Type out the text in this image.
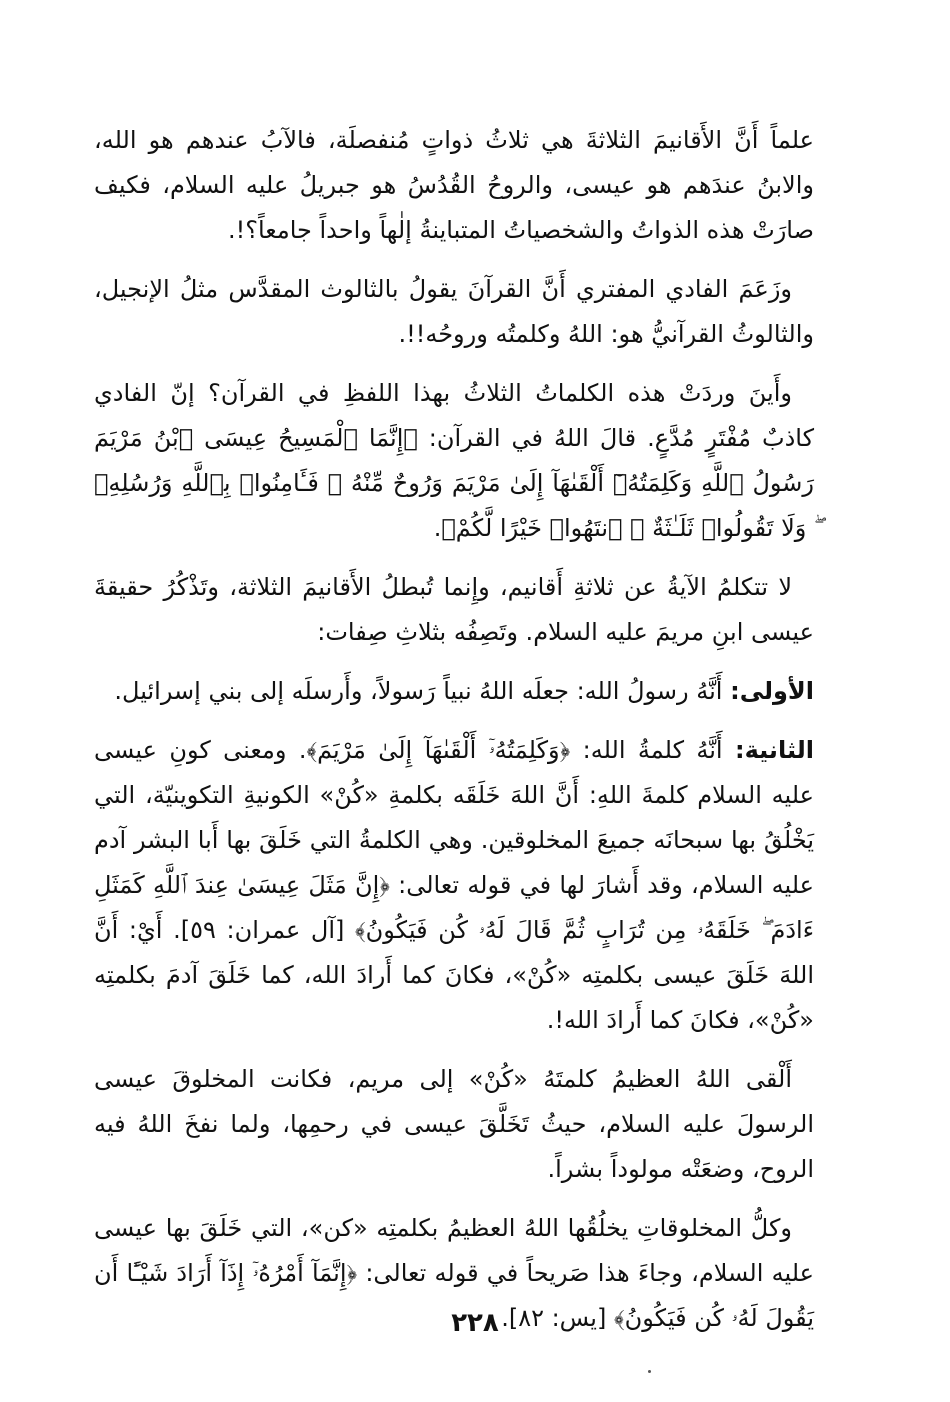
علماً أَنَّ الأَقانيمَ الثلاثةَ هي ثلاثُ ذواتٍ مُنفصلَة، فالآبُ عندهم هو الله، والابنُ عندَهم هو عيسى، والروحُ القُدُسُ هو جبريلُ عليه السلام، فكيف صارَتْ هذه الذواتُ والشخصياتُ المتباينةُ إلٰهاً واحداً جامعاً؟!.

وزَعَمَ الفادي المفتري أَنَّ القرآنَ يقولُ بالثالوث المقدَّس مثلُ الإنجيل، والثالوثُ القرآنيُّ هو: اللهُ وكلمتُه وروحُه!!.

وأَينَ وردَتْ هذه الكلماتُ الثلاثُ بهذا اللفظِ في القرآن؟ إنّ الفادي كاذبٌ مُفْتَرٍ مُدَّعٍ. قالَ اللهُ في القرآن: ﴿إِنَّمَا ٱلْمَسِيحُ عِيسَى ٱبْنُ مَرْيَمَ رَسُولُ ٱللَّهِ وَكَلِمَتُهُۥٓ أَلْقَىٰهَآ إِلَىٰ مَرْيَمَ وَرُوحٌ مِّنْهُ ۖ فَـَٔامِنُوا۟ بِٱللَّهِ وَرُسُلِهِۦ ۖ وَلَا تَقُولُوا۟ ثَلَـٰثَةٌ ۚ ٱنتَهُوا۟ خَيْرًا لَّكُمْ﴾.

لا تتكلمُ الآيةُ عن ثلاثةِ أَقانيم، وإِنما تُبطلُ الأَقانيمَ الثلاثة، وتَذْكُرُ حقيقةَ عيسى ابنِ مريمَ عليه السلام. وتَصِفُه بثلاثِ صِفات:

الأولى: أَنَّهُ رسولُ الله: جعلَه اللهُ نبياً رَسولاً، وأَرسلَه إلى بني إسرائيل.

الثانية: أَنَّهُ كلمةُ الله: ﴿وَكَلِمَتُهُۥٓ أَلْقَىٰهَآ إِلَىٰ مَرْيَمَ﴾. ومعنى كونِ عيسى عليه السلام كلمةَ اللهِ: أَنَّ اللهَ خَلَقَه بكلمةِ «كُنْ» الكونيةِ التكوينيّة، التي يَخْلُقُ بها سبحانَه جميعَ المخلوقين. وهي الكلمةُ التي خَلَقَ بها أَبا البشر آدم عليه السلام، وقد أَشارَ لها في قوله تعالى: ﴿إِنَّ مَثَلَ عِيسَىٰ عِندَ ٱللَّهِ كَمَثَلِ ءَادَمَ ۖ خَلَقَهُۥ مِن تُرَابٍ ثُمَّ قَالَ لَهُۥ كُن فَيَكُونُ﴾ [آل عمران: ٥٩]. أَيْ: أَنَّ اللهَ خَلَقَ عيسى بكلمتِه «كُنْ»، فكانَ كما أَرادَ الله، كما خَلَقَ آدمَ بكلمتِه «كُنْ»، فكانَ كما أَرادَ الله!.

أَلْقى اللهُ العظيمُ كلمتَهُ «كُنْ» إلى مريم، فكانت المخلوقَ عيسى الرسولَ عليه السلام، حيثُ تَخَلَّقَ عيسى في رحمِها، ولما نفخَ اللهُ فيه الروح، وضعَتْه مولوداً بشراً.

وكلُّ المخلوقاتِ يخلُقُها اللهُ العظيمُ بكلمتِه «كن»، التي خَلَقَ بها عيسى عليه السلام، وجاءَ هذا صَريحاً في قوله تعالى: ﴿إِنَّمَآ أَمْرُهُۥٓ إِذَآ أَرَادَ شَيْـًٔا أَن يَقُولَ لَهُۥ كُن فَيَكُونُ﴾ [يس: ٨٢].

٢٢٨
